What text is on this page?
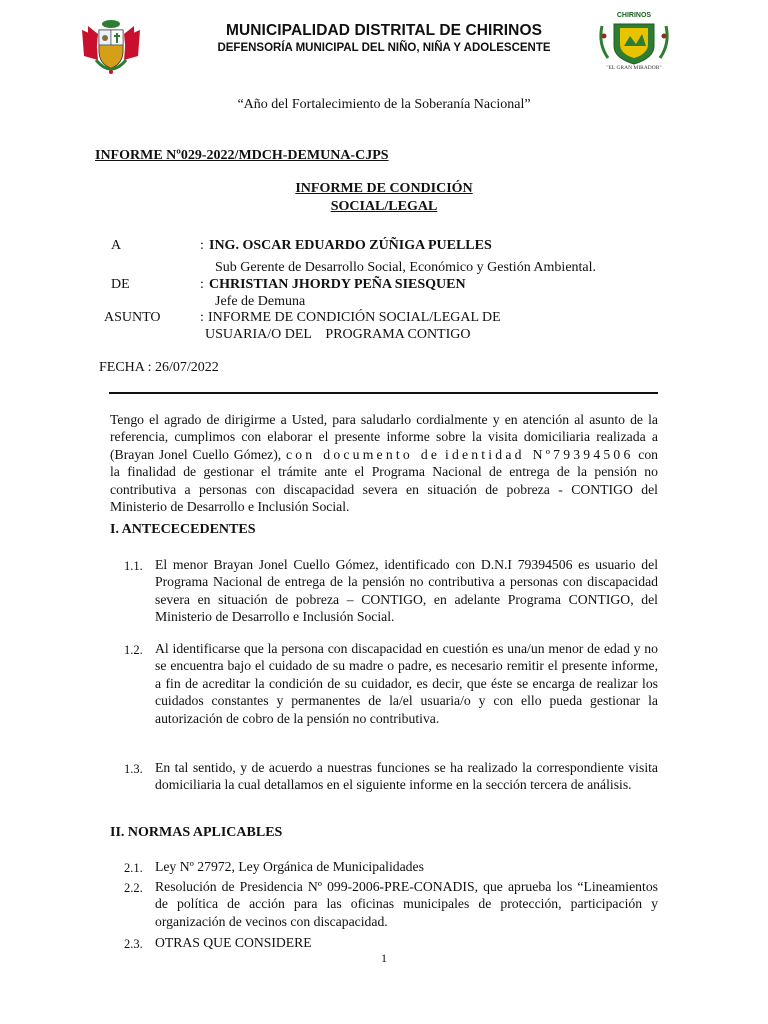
CHIRINOS
"EL GRAN MIRADOR"
MUNICIPALIDAD DISTRITAL DE CHIRINOS
DEFENSORÍA MUNICIPAL DEL NIÑO, NIÑA Y ADOLESCENTE
“Año del Fortalecimiento de la Soberanía Nacional”
INFORME Nº029-2022/MDCH-DEMUNA-CJPS
INFORME DE CONDICIÓN
SOCIAL/LEGAL
A	: ING. OSCAR EDUARDO ZÚÑIGA PUELLES
Sub Gerente de Desarrollo Social, Económico y Gestión Ambiental.
DE	: CHRISTIAN JHORDY PEÑA SIESQUEN
Jefe de Demuna
ASUNTO	: INFORME DE CONDICIÓN SOCIAL/LEGAL DE
USUARIA/O DEL    PROGRAMA CONTIGO
FECHA : 26/07/2022
Tengo el agrado de dirigirme a Usted, para saludarlo cordialmente y en atención al asunto de la referencia, cumplimos con elaborar el presente informe sobre la visita domiciliaria realizada a (Brayan Jonel Cuello Gómez), con documento de identidad Nº79394506 con la finalidad de gestionar el trámite ante el Programa Nacional de entrega de la pensión no contributiva a personas con discapacidad severa en situación de pobreza - CONTIGO del Ministerio de Desarrollo e Inclusión Social.
I. ANTECECEDENTES
1.1. El menor Brayan Jonel Cuello Gómez, identificado con D.N.I 79394506 es usuario del Programa Nacional de entrega de la pensión no contributiva a personas con discapacidad severa en situación de pobreza – CONTIGO, en adelante Programa CONTIGO, del Ministerio de Desarrollo e Inclusión Social.
1.2. Al identificarse que la persona con discapacidad en cuestión es una/un menor de edad y no se encuentra bajo el cuidado de su madre o padre, es necesario remitir el presente informe, a fin de acreditar la condición de su cuidador, es decir, que éste se encarga de realizar los cuidados constantes y permanentes de la/el usuaria/o y con ello pueda gestionar la autorización de cobro de la pensión no contributiva.
1.3. En tal sentido, y de acuerdo a nuestras funciones se ha realizado la correspondiente visita domiciliaria la cual detallamos en el siguiente informe en la sección tercera de análisis.
II. NORMAS APLICABLES
2.1. Ley Nº 27972, Ley Orgánica de Municipalidades
2.2. Resolución de Presidencia Nº 099-2006-PRE-CONADIS, que aprueba los “Lineamientos de política de acción para las oficinas municipales de protección, participación y organización de vecinos con discapacidad.
2.3. OTRAS QUE CONSIDERE
1
